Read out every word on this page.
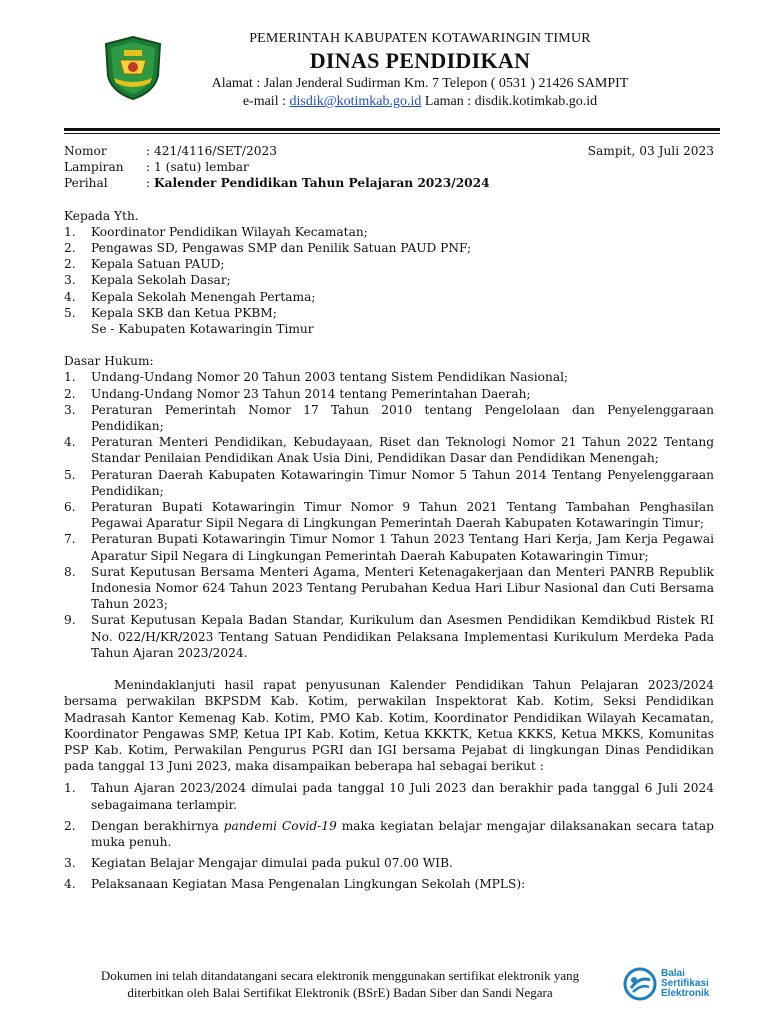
PEMERINTAH KABUPATEN KOTAWARINGIN TIMUR
DINAS PENDIDIKAN
Alamat : Jalan Jenderal Sudirman Km. 7 Telepon ( 0531 ) 21426 SAMPIT
e-mail : disdik@kotimkab.go.id Laman : disdik.kotimkab.go.id
Nomor	: 421/4116/SET/2023	Sampit, 03 Juli 2023
Lampiran	: 1 (satu) lembar
Perihal	: Kalender Pendidikan Tahun Pelajaran 2023/2024
Kepada Yth.
1.	Koordinator Pendidikan Wilayah Kecamatan;
2.	Pengawas SD, Pengawas SMP dan Penilik Satuan PAUD PNF;
2.	Kepala Satuan PAUD;
3.	Kepala Sekolah Dasar;
4.	Kepala Sekolah Menengah Pertama;
5.	Kepala SKB dan Ketua PKBM;
Se - Kabupaten Kotawaringin Timur
Dasar Hukum:
1.	Undang-Undang Nomor 20 Tahun 2003 tentang Sistem Pendidikan Nasional;
2.	Undang-Undang Nomor 23 Tahun 2014 tentang Pemerintahan Daerah;
3.	Peraturan Pemerintah Nomor 17 Tahun 2010 tentang Pengelolaan dan Penyelenggaraan Pendidikan;
4.	Peraturan Menteri Pendidikan, Kebudayaan, Riset dan Teknologi Nomor 21 Tahun 2022 Tentang Standar Penilaian Pendidikan Anak Usia Dini, Pendidikan Dasar dan Pendidikan Menengah;
5.	Peraturan Daerah Kabupaten Kotawaringin Timur Nomor 5 Tahun 2014 Tentang Penyelenggaraan Pendidikan;
6.	Peraturan Bupati Kotawaringin Timur Nomor 9 Tahun 2021 Tentang Tambahan Penghasilan Pegawai Aparatur Sipil Negara di Lingkungan Pemerintah Daerah Kabupaten Kotawaringin Timur;
7.	Peraturan Bupati Kotawaringin Timur Nomor 1 Tahun 2023 Tentang Hari Kerja, Jam Kerja Pegawai Aparatur Sipil Negara di Lingkungan Pemerintah Daerah Kabupaten Kotawaringin Timur;
8.	Surat Keputusan Bersama Menteri Agama, Menteri Ketenagakerjaan dan Menteri PANRB Republik Indonesia Nomor 624 Tahun 2023 Tentang Perubahan Kedua Hari Libur Nasional dan Cuti Bersama Tahun 2023;
9.	Surat Keputusan Kepala Badan Standar, Kurikulum dan Asesmen Pendidikan Kemdikbud Ristek RI No. 022/H/KR/2023 Tentang Satuan Pendidikan Pelaksana Implementasi Kurikulum Merdeka Pada Tahun Ajaran 2023/2024.
Menindaklanjuti hasil rapat penyusunan Kalender Pendidikan Tahun Pelajaran 2023/2024 bersama perwakilan BKPSDM Kab. Kotim, perwakilan Inspektorat Kab. Kotim, Seksi Pendidikan Madrasah Kantor Kemenag Kab. Kotim, PMO Kab. Kotim, Koordinator Pendidikan Wilayah Kecamatan, Koordinator Pengawas SMP, Ketua IPI Kab. Kotim, Ketua KKKTK, Ketua KKKS, Ketua MKKS, Komunitas PSP Kab. Kotim, Perwakilan Pengurus PGRI dan IGI bersama Pejabat di lingkungan Dinas Pendidikan pada tanggal 13 Juni 2023, maka disampaikan beberapa hal sebagai berikut :
1.	Tahun Ajaran 2023/2024 dimulai pada tanggal 10 Juli 2023 dan berakhir pada tanggal 6 Juli 2024 sebagaimana terlampir.
2.	Dengan berakhirnya pandemi Covid-19 maka kegiatan belajar mengajar dilaksanakan secara tatap muka penuh.
3.	Kegiatan Belajar Mengajar dimulai pada pukul 07.00 WIB.
4.	Pelaksanaan Kegiatan Masa Pengenalan Lingkungan Sekolah (MPLS):
Dokumen ini telah ditandatangani secara elektronik menggunakan sertifikat elektronik yang
diterbitkan oleh Balai Sertifikat Elektronik (BSrE) Badan Siber dan Sandi Negara
Balai
Sertifikasi
Elektronik
